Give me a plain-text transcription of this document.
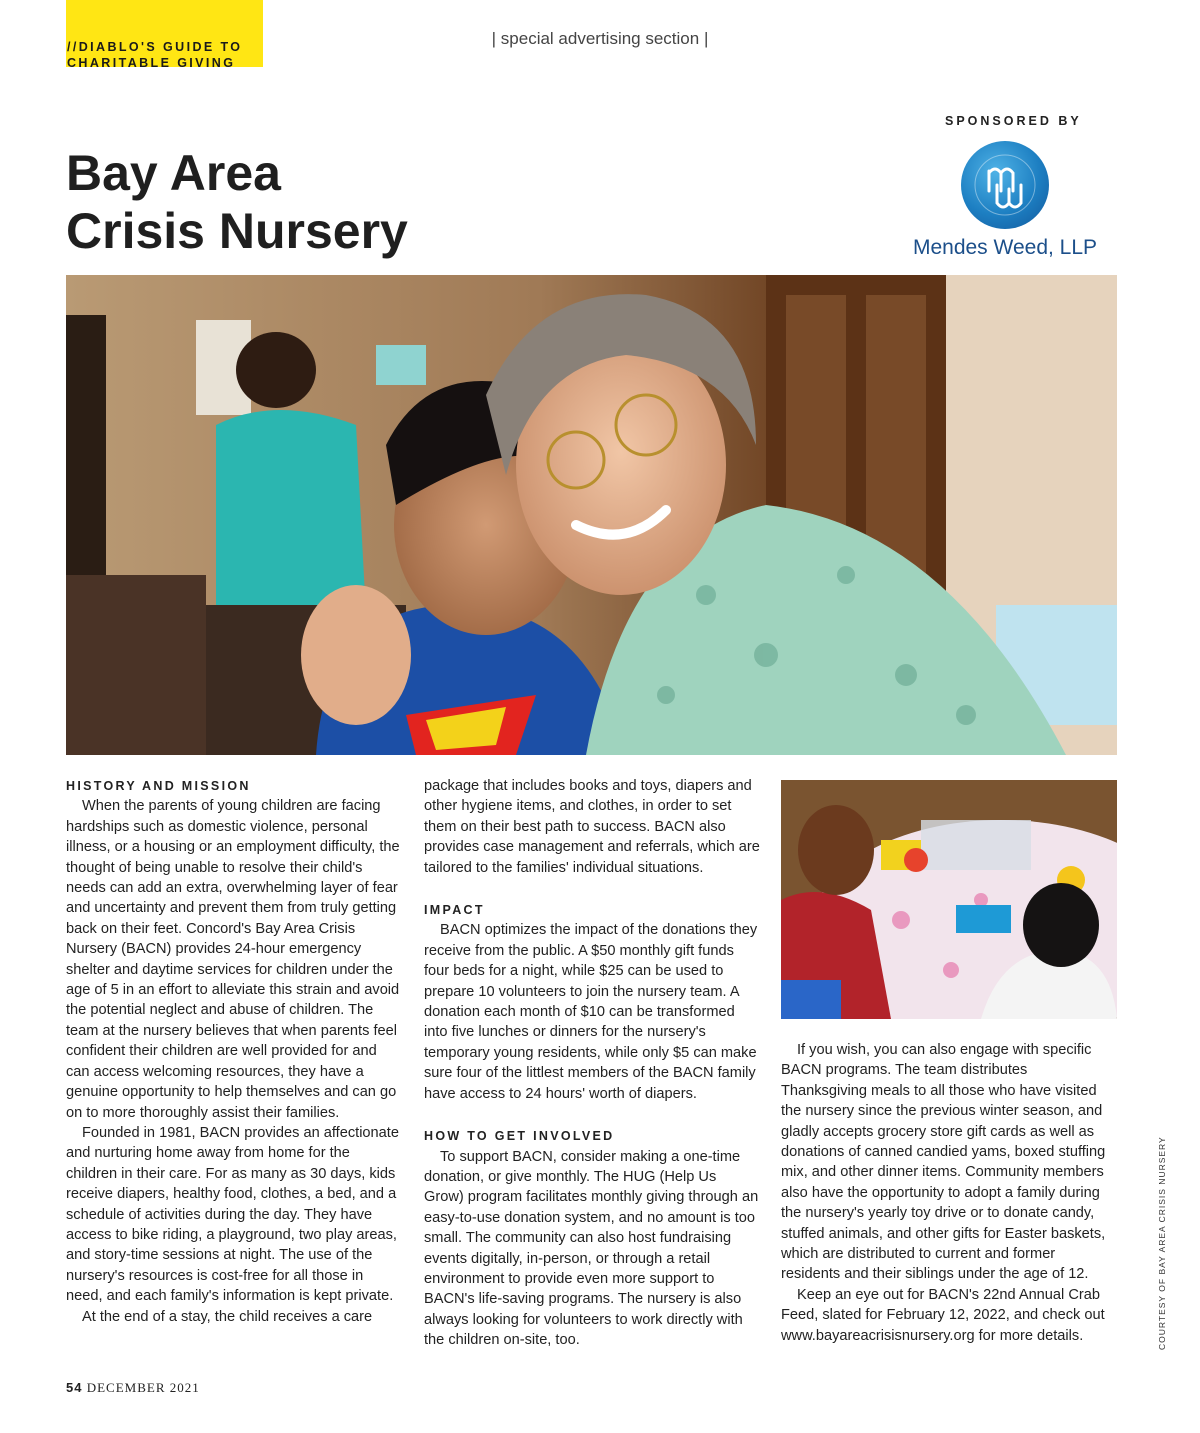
//DIABLO'S GUIDE TO
CHARITABLE GIVING
| special advertising section |
SPONSORED BY
Mendes Weed, LLP
Bay Area
Crisis Nursery
HISTORY AND MISSION

When the parents of young children are facing hardships such as domestic violence, personal illness, or a housing or an employment difficulty, the thought of being unable to resolve their child's needs can add an extra, overwhelming layer of fear and uncertainty and prevent them from truly getting back on their feet. Concord's Bay Area Crisis Nursery (BACN) provides 24-hour emergency shelter and daytime services for children under the age of 5 in an effort to alleviate this strain and avoid the potential neglect and abuse of children. The team at the nursery believes that when parents feel confident their children are well provided for and can access welcoming resources, they have a genuine opportunity to help themselves and can go on to more thoroughly assist their families.

Founded in 1981, BACN provides an affectionate and nurturing home away from home for the children in their care. For as many as 30 days, kids receive diapers, healthy food, clothes, a bed, and a schedule of activities during the day. They have access to bike riding, a playground, two play areas, and story-time sessions at night. The use of the nursery's resources is cost-free for all those in need, and each family's information is kept private.

At the end of a stay, the child receives a care

package that includes books and toys, diapers and other hygiene items, and clothes, in order to set them on their best path to success. BACN also provides case management and referrals, which are tailored to the families' individual situations.

IMPACT

BACN optimizes the impact of the donations they receive from the public. A $50 monthly gift funds four beds for a night, while $25 can be used to prepare 10 volunteers to join the nursery team. A donation each month of $10 can be transformed into five lunches or dinners for the nursery's temporary young residents, while only $5 can make sure four of the littlest members of the BACN family have access to 24 hours' worth of diapers.

HOW TO GET INVOLVED

To support BACN, consider making a one-time donation, or give monthly. The HUG (Help Us Grow) program facilitates monthly giving through an easy-to-use donation system, and no amount is too small. The community can also host fundraising events digitally, in-person, or through a retail environment to provide even more support to BACN's life-saving programs. The nursery is also always looking for volunteers to work directly with the children on-site, too.

If you wish, you can also engage with specific BACN programs. The team distributes Thanksgiving meals to all those who have visited the nursery since the previous winter season, and gladly accepts grocery store gift cards as well as donations of canned candied yams, boxed stuffing mix, and other dinner items. Community members also have the opportunity to adopt a family during the nursery's yearly toy drive or to donate candy, stuffed animals, and other gifts for Easter baskets, which are distributed to current and former residents and their siblings under the age of 12.

Keep an eye out for BACN's 22nd Annual Crab Feed, slated for February 12, 2022, and check out www.bayareacrisisnursery.org for more details.	COURTESY OF BAY AREA CRISIS NURSERY
54 DECEMBER 2021
